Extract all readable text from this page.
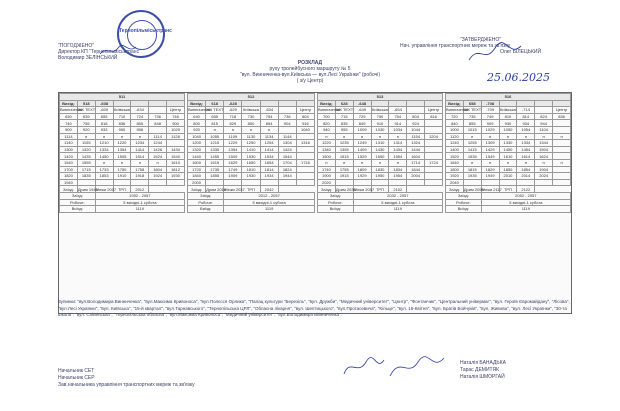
"ПОГОДЖЕНО"
Директор КП "Тернопільміськтранс"
Володимир ЗЕЛІНСЬКИЙ
Тернопільміськтранс
"ЗАТВЕРДЖЕНО"
Нач. управління транспортних мереж та зв'язку
Олег БІЛЕЦЬКИЙ
РОЗКЛАД
руху тролейбусного маршруту № 5
"вул. Винниченка-вул.Київська — вул.Лесі Українки" (робочі)
( з/у Центр)	25.06.2025
511						
Вихід:	518	-608				
Винниченка	ЖК TEXT	-609	Київська	-634		Центр
630	639	655	710	724	736	746
740	755	818	836	855	848	900
900	920	933	950	958		1020
1114	п	п	п	п	1114	1128
1140	1155	1210	1220	1234	1244	
1300	1320	1334	1354	1414	1426	1434
1420	1435	1450	1505	1514	1524	1540
1540	1555	п	п	п	п	1610
1700	1715	1733	1750	1758	1804	1812
1820	1835	1853	1910	1918	1924	1930
1940						
Заїзд:	Дрим 1940	Межи 2007	ТРП	2012		
Заїзд:		1952 - 2057				
Робоче:		5 вихідні-1 субота				
Виїзд:		1119				
512						
Вихід:	618	-628				
Винниченка	ЖК TEXT	-629	Київська	-634		Центр
640	655	718	730	754	736	804
800	815	829	850	854	904	916
920	п	п	п	п		1040
1040	1055	1109	1130	1134	1144	
1200	1215	1229	1250	1254	1304	1316
1320	1335	1354	1410	1414	1424	
1440	1455	1509	1530	1534	1544	
1600	1615	1629	1650	1654	1704	1716
1720	1735	1749	1810	1814	1824	
1840	1855	1909	1930	1934	1944	
2000						
Заїзд:	Дрим 2010	Межи 2037	ТРП	2042		
Заїзд:		2012 - 2057				
Робоче:		5 вихідні-1 субота				
Виїзд:		1119				
513						
Вихід:	628	-648				
Винниченка	ЖК TEXT	-649	Київська	-654		Центр
700	715	729	750	754	804	816
820	835	849	910	914	924	
940	955	1009	1030	1034	1044	
п	п	п	п	п	1154	1204
1220	1235	1249	1310	1314	1324	
1340	1355	1409	1430	1434	1444	
1500	1515	1529	1550	1554	1604	
п	п	п	п	п	1714	1724
1740	1755	1809	1830	1834	1844	
1900	1915	1929	1950	1954	2004	
2020						
Заїзд:	Дрим 2030	Межи 2057	ТРП	2102		
Заїзд:		2032 - 2057				
Робоче:		5 вихідні-1 субота				
Виїзд:		1119				
516						
Вихід:	658	-708				
Винниченка	ЖК TEXT	-709	Київська	-714		Центр
720	735	749	810	814	824	836
840	855	909	930	934	944	
1000	1015	1029	1050	1054	1104	
1120	п	п	п	п	п	п
1240	1255	1309	1330	1334	1344	
1400	1415	1429	1450	1454	1504	
1520	1535	1549	1610	1614	1624	
1640	п	п	п	п	п	п
1800	1815	1829	1850	1854	1904	
1920	1935	1949	2010	2014	2024	
2040						
Заїзд:	Дрим 2050	Межи 2117	ТРП	2122		
Заїзд:		2052 - 2057				
Робоче:		5 вихідні-1 субота				
Виїзд:		1119				
Зупинки: "вул.Володимира Винниченка", "вул.Максима Кривоноса", "вул.Полєсся Орлика", "Палац культури "Березіль", "вул. Дружби", "Медичний університет", "Центр", "Фонтанчик", "Центральний універмаг", "вул. Героїв Євромайдану", "Лісова", "вул.Лесі Українки", "вул. Київська", "15-й квартал", "вул.Тарнавського", "Тернопільська ЦРЛ", "Обласна лікарня", "вул. Шептицького", "вул.Протасевича", "Кільце", "вул. 15-Квітня", "вул. Братів Бойчуків", "вул. Живова", "вул. Лесі Українки", "30-та школа", "вул. Слівенська", "Тернопільська обласна", "вул.Максима Кривоноса", "Медичний університет", "вул.Володимира Винниченка".
Начальник СЕТ
Начальник СЕР
Зав.начальника управління транспортних мереж та зв'язку
Наталія БАНАДЬКА
Тарас ДЕМИТЯК
Наталія ШМОРГАЙ
